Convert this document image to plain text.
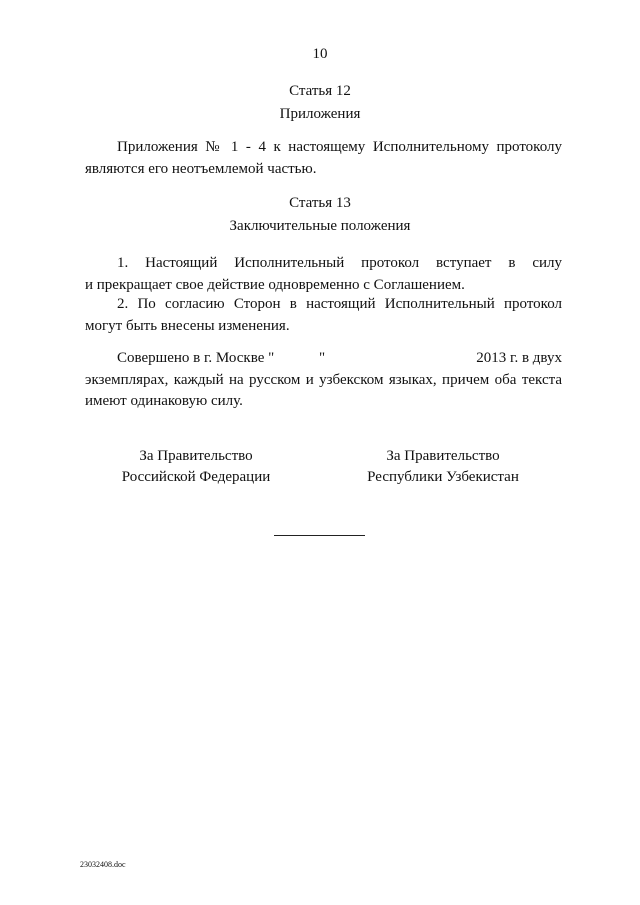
10
Статья 12
Приложения
Приложения № 1 - 4 к настоящему Исполнительному протоколу
являются его неотъемлемой частью.
Статья 13
Заключительные положения
1. Настоящий Исполнительный протокол вступает в силу
и прекращает свое действие одновременно с Соглашением.
2. По согласию Сторон в настоящий Исполнительный протокол
могут быть внесены изменения.
Совершено в г. Москве "	"	2013 г. в двух
экземплярах, каждый на русском и узбекском языках, причем оба текста
имеют одинаковую силу.
За Правительство
Российской Федерации
За Правительство
Республики Узбекистан
23032408.doc
